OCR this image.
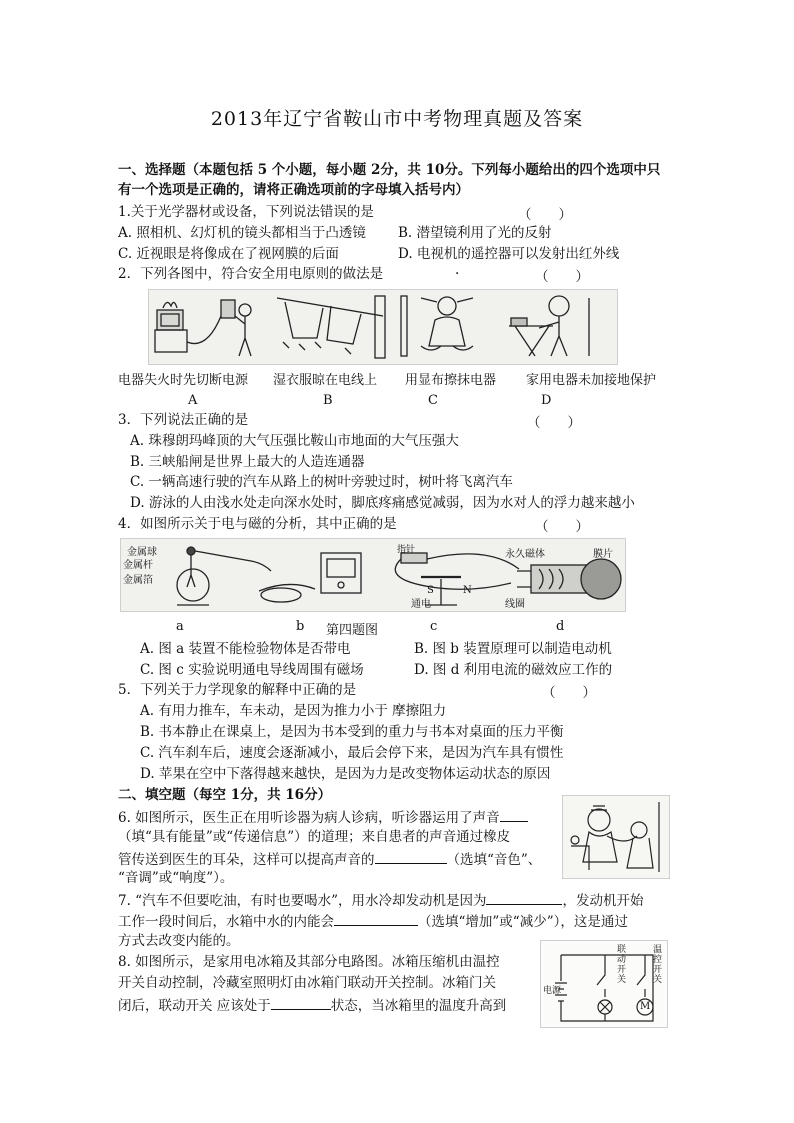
2013年辽宁省鞍山市中考物理真题及答案
一、选择题（本题包括 5 个小题，每小题 2分，共 10分。下列每小题给出的四个选项中只
有一个选项是正确的，请将正确选项前的字母填入括号内）
1.关于光学器材或设备，下列说法错误的是	（　　）
A. 照相机、幻灯机的镜头都相当于凸透镜 B. 潜望镜利用了光的反射
C. 近视眼是将像成在了视网膜的后面	D. 电视机的遥控器可以发射出红外线
2．下列各图中，符合安全用电原则的做法是	.	（　　）
电器失火时先切断电源 湿衣服晾在电线上 用显布擦抹电器 家用电器未加接地保护
A	B	C	D
3．下列说法正确的是	（　　）
A. 珠穆朗玛峰顶的大气压强比鞍山市地面的大气压强大
B. 三峡船闸是世界上最大的人造连通器
C. 一辆高速行驶的汽车从路上的树叶旁驶过时，树叶将飞离汽车
D. 游泳的人由浅水处走向深水处时，脚底疼痛感觉减弱，因为水对人的浮力越来越小
4．如图所示关于电与磁的分析，其中正确的是	（　　）
金属球
金属杆
金属箔
指针
S	N
通电
永久磁体	膜片
线圈
a	b 第四题图	c	d
A. 图 a 装置不能检验物体是否带电	B. 图 b 装置原理可以制造电动机
C. 图 c 实验说明通电导线周围有磁场	D. 图 d 利用电流的磁效应工作的
5．下列关于力学现象的解释中正确的是	（　　）
A. 有用力推车，车未动，是因为推力小于 摩擦阻力
B. 书本静止在课桌上，是因为书本受到的重力与书本对桌面的压力平衡
C. 汽车刹车后，速度会逐渐减小，最后会停下来，是因为汽车具有惯性
D. 苹果在空中下落得越来越快，是因为力是改变物体运动状态的原因
二、填空题（每空 1分，共 16分）
6. 如图所示，医生正在用听诊器为病人诊病，听诊器运用了声音
（填“具有能量”或“传递信息”）的道理；来自患者的声音通过橡皮
管传送到医生的耳朵，这样可以提高声音的	（选填“音色”、
“音调”或“响度”）。
7. “汽车不但要吃油，有时也要喝水”，用水冷却发动机是因为	，发动机开始
工作一段时间后，水箱中水的内能会	（选填“增加”或“减少”），这是通过
方式去改变内能的。
8. 如图所示，是家用电冰箱及其部分电路图。冰箱压缩机由温控
开关自动控制，冷藏室照明灯由冰箱门联动开关控制。冰箱门关
闭后，联动开关 应该处于	状态，当冰箱里的温度升高到
电源
联动开关
温控开关
M
